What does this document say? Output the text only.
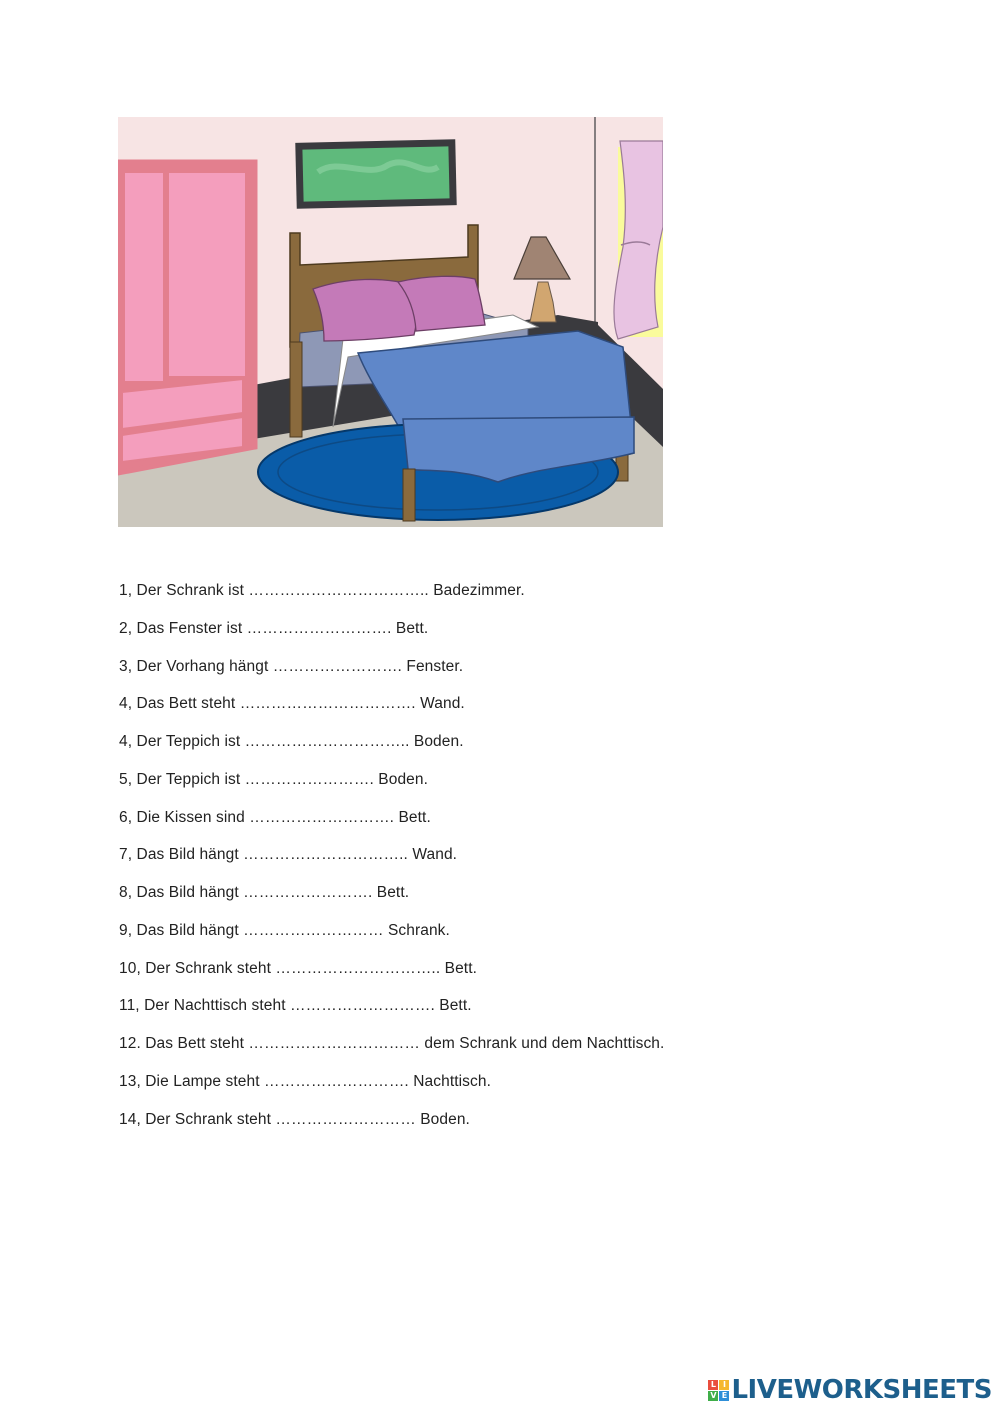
1, Der Schrank ist …………………………….. Badezimmer.
2, Das Fenster ist ………………………. Bett.
3, Der Vorhang hängt ……………………. Fenster.
4, Das Bett steht ……………………………. Wand.
4, Der Teppich ist ………………………….. Boden.
5, Der Teppich ist ……………………. Boden.
6, Die Kissen sind ………………………. Bett.
7, Das Bild hängt ………………………….. Wand.
8, Das Bild hängt ……………………. Bett.
9, Das Bild hängt ……………………… Schrank.
10, Der Schrank steht ………………………….. Bett.
11, Der Nachttisch steht ………………………. Bett.
12. Das Bett steht …………………………… dem Schrank und dem Nachttisch.
13, Die Lampe steht ………………………. Nachttisch.
14, Der Schrank steht ……………………… Boden.
L I
V E LIVEWORKSHEETS
